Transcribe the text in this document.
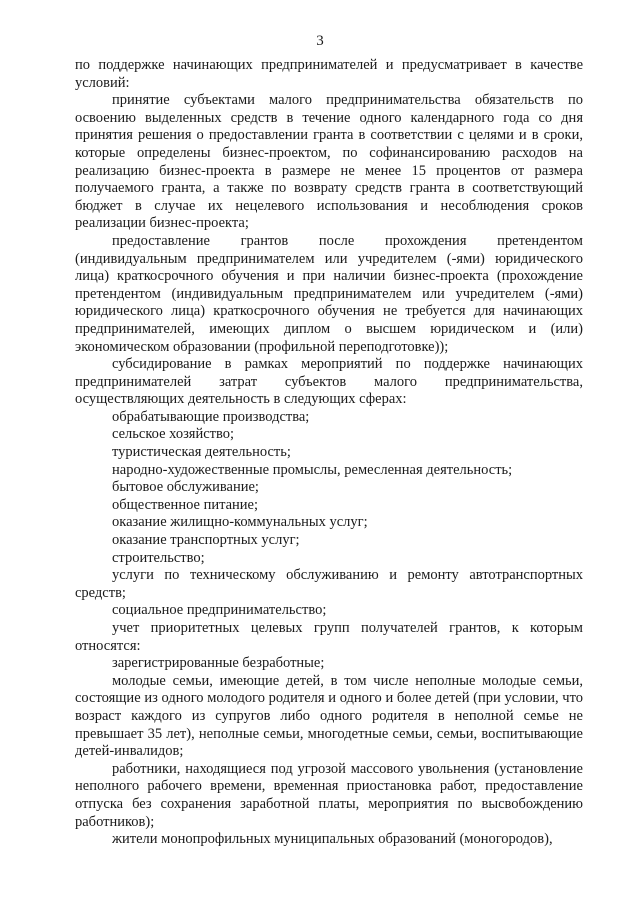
3

по поддержке начинающих предпринимателей и предусматривает в качестве условий:

принятие субъектами малого предпринимательства обязательств по освоению выделенных средств в течение одного календарного года со дня принятия решения о предоставлении гранта в соответствии с целями и в сроки, которые определены бизнес-проектом, по софинансированию расходов на реализацию бизнес-проекта в размере не менее 15 процентов от размера получаемого гранта, а также по возврату средств гранта в соответствующий бюджет в случае их нецелевого использования и несоблюдения сроков реализации бизнес-проекта;

предоставление грантов после прохождения претендентом (индивидуальным предпринимателем или учредителем (-ями) юридического лица) краткосрочного обучения и при наличии бизнес-проекта (прохождение претендентом (индивидуальным предпринимателем или учредителем (-ями) юридического лица) краткосрочного обучения не требуется для начинающих предпринимателей, имеющих диплом о высшем юридическом и (или) экономическом образовании (профильной переподготовке));

субсидирование в рамках мероприятий по поддержке начинающих предпринимателей затрат субъектов малого предпринимательства, осуществляющих деятельность в следующих сферах:

обрабатывающие производства;

сельское хозяйство;

туристическая деятельность;

народно-художественные промыслы, ремесленная деятельность;

бытовое обслуживание;

общественное питание;

оказание жилищно-коммунальных услуг;

оказание транспортных услуг;

строительство;

услуги по техническому обслуживанию и ремонту автотранспортных средств;

социальное предпринимательство;

учет приоритетных целевых групп получателей грантов, к которым относятся:

зарегистрированные безработные;

молодые семьи, имеющие детей, в том числе неполные молодые семьи, состоящие из одного молодого родителя и одного и более детей (при условии, что возраст каждого из супругов либо одного родителя в неполной семье не превышает 35 лет), неполные семьи, многодетные семьи, семьи, воспитывающие детей-инвалидов;

работники, находящиеся под угрозой массового увольнения (установление неполного рабочего времени, временная приостановка работ, предоставление отпуска без сохранения заработной платы, мероприятия по высвобождению работников);

жители монопрофильных муниципальных образований (моногородов),
